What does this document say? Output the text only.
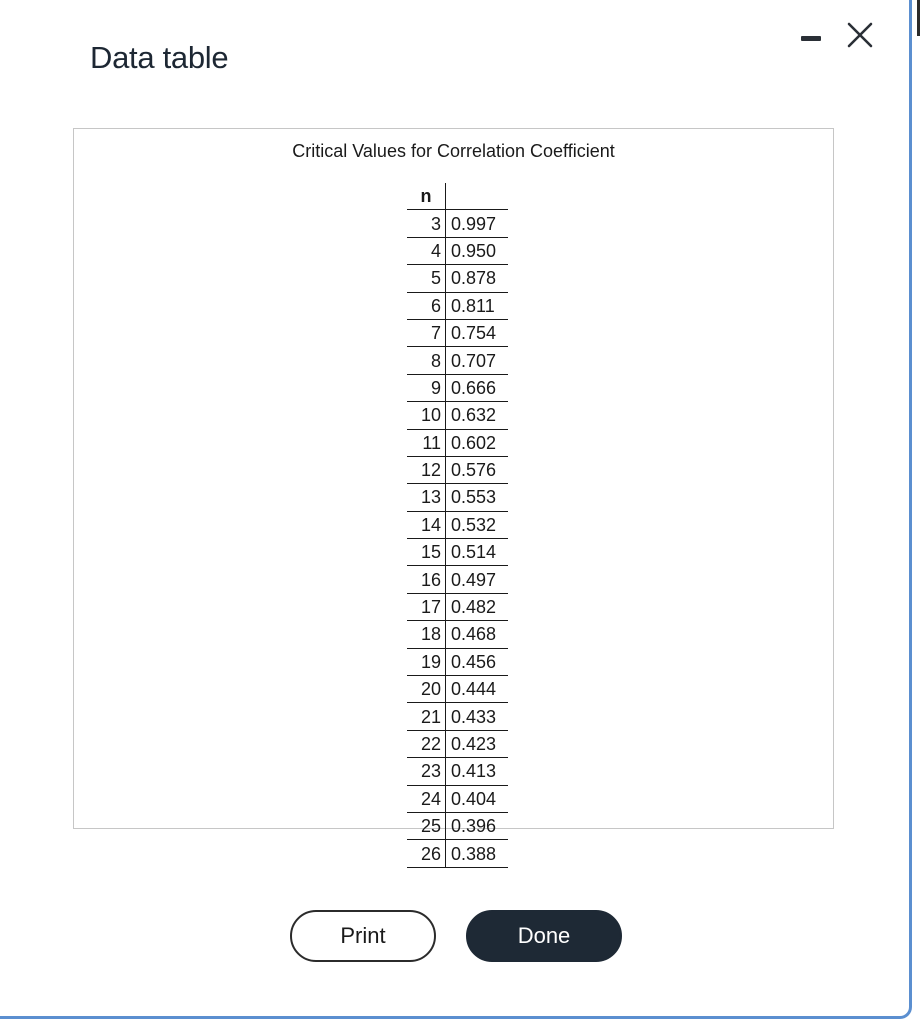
Data table
Critical Values for Correlation Coefficient
n	
3	0.997
4	0.950
5	0.878
6	0.811
7	0.754
8	0.707
9	0.666
10	0.632
11	0.602
12	0.576
13	0.553
14	0.532
15	0.514
16	0.497
17	0.482
18	0.468
19	0.456
20	0.444
21	0.433
22	0.423
23	0.413
24	0.404
25	0.396
26	0.388
Print	Done
